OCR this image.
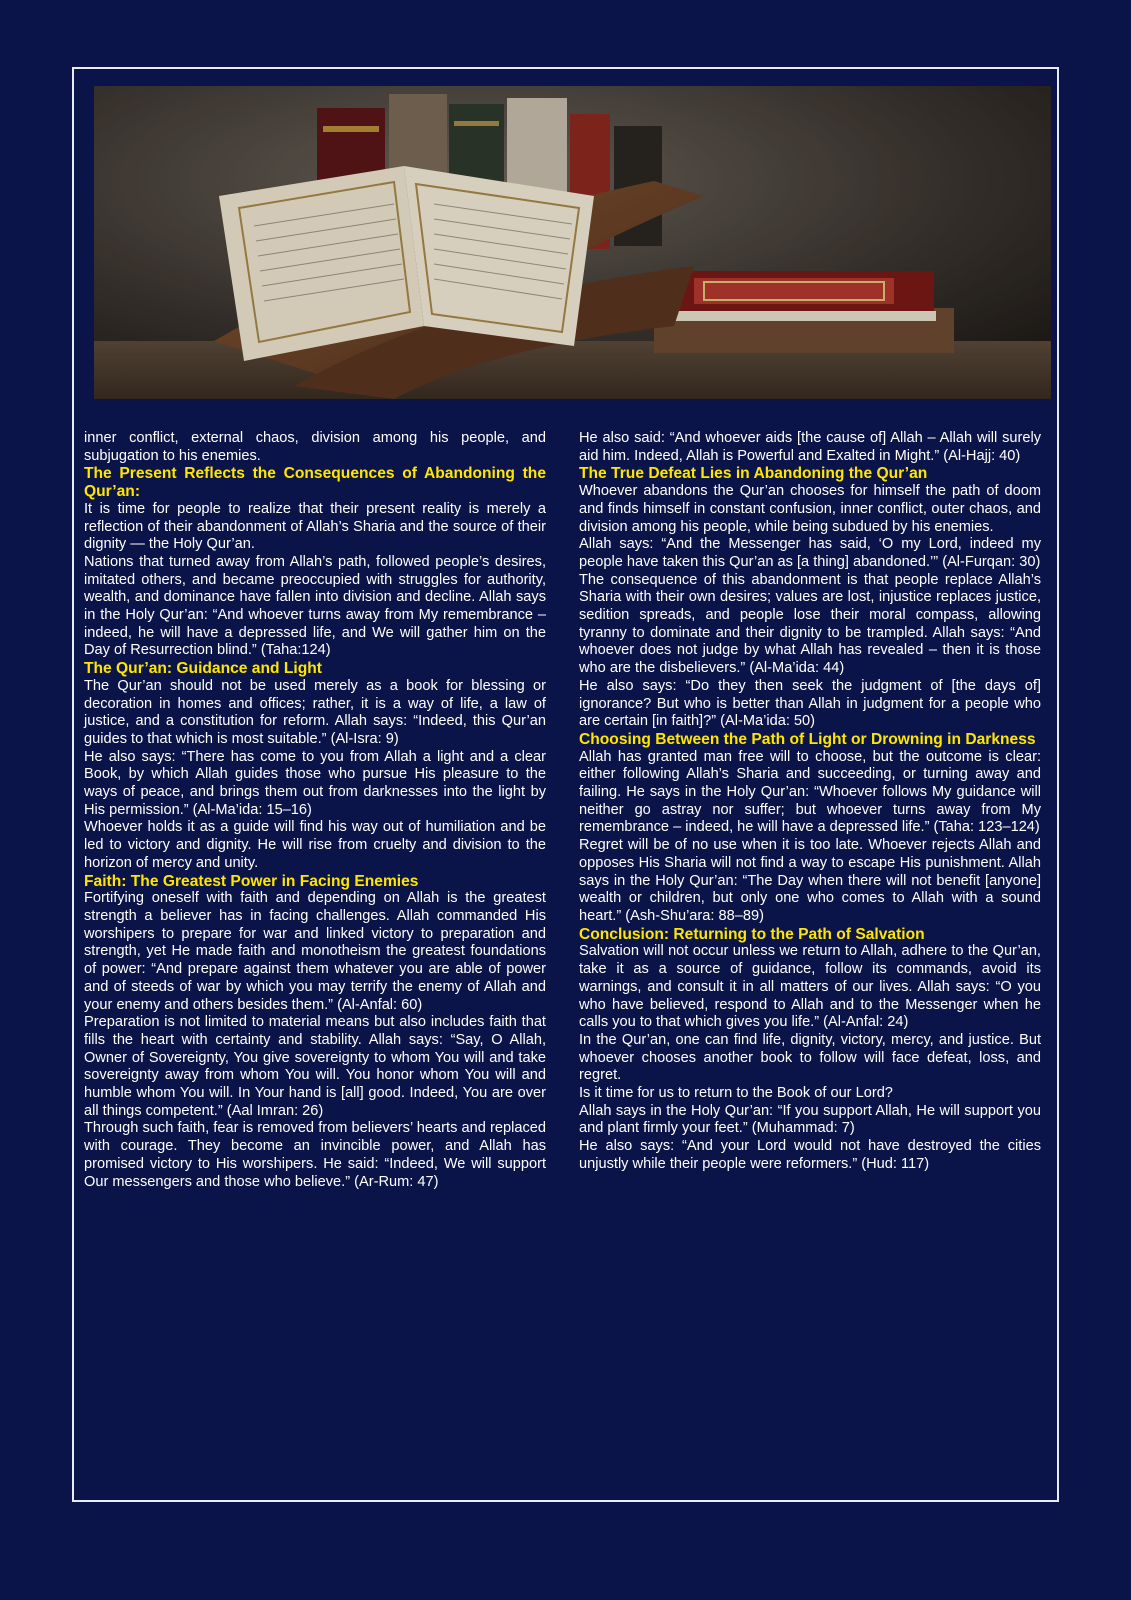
inner conflict, external chaos, division among his people, and subjugation to his enemies.

The Present Reflects the Consequences of Abandoning the Qur’an:

It is time for people to realize that their present reality is merely a reflection of their abandonment of Allah’s Sharia and the source of their dignity — the Holy Qur’an.

Nations that turned away from Allah’s path, followed people’s desires, imitated others, and became preoccupied with struggles for authority, wealth, and dominance have fallen into division and decline. Allah says in the Holy Qur’an: “And whoever turns away from My remembrance – indeed, he will have a depressed life, and We will gather him on the Day of Resurrection blind.” (Taha:124)

The Qur’an: Guidance and Light

The Qur’an should not be used merely as a book for blessing or decoration in homes and offices; rather, it is a way of life, a law of justice, and a constitution for reform. Allah says: “Indeed, this Qur’an guides to that which is most suitable.” (Al-Isra: 9)

He also says: “There has come to you from Allah a light and a clear Book, by which Allah guides those who pursue His pleasure to the ways of peace, and brings them out from darknesses into the light by His permission.” (Al-Ma’ida: 15–16)

Whoever holds it as a guide will find his way out of humiliation and be led to victory and dignity. He will rise from cruelty and division to the horizon of mercy and unity.

Faith: The Greatest Power in Facing Enemies

Fortifying oneself with faith and depending on Allah is the greatest strength a believer has in facing challenges. Allah commanded His worshipers to prepare for war and linked victory to preparation and strength, yet He made faith and monotheism the greatest foundations of power: “And prepare against them whatever you are able of power and of steeds of war by which you may terrify the enemy of Allah and your enemy and others besides them.” (Al-Anfal: 60)

Preparation is not limited to material means but also includes faith that fills the heart with certainty and stability. Allah says: “Say, O Allah, Owner of Sovereignty, You give sovereignty to whom You will and take sovereignty away from whom You will. You honor whom You will and humble whom You will. In Your hand is [all] good. Indeed, You are over all things competent.” (Aal Imran: 26)

Through such faith, fear is removed from believers’ hearts and replaced with courage. They become an invincible power, and Allah has promised victory to His worshipers. He said: “Indeed, We will support Our messengers and those who believe.” (Ar-Rum: 47)

He also said: “And whoever aids [the cause of] Allah – Allah will surely aid him. Indeed, Allah is Powerful and Exalted in Might.” (Al-Hajj: 40)

The True Defeat Lies in Abandoning the Qur’an

Whoever abandons the Qur’an chooses for himself the path of doom and finds himself in constant confusion, inner conflict, outer chaos, and division among his people, while being subdued by his enemies.

Allah says: “And the Messenger has said, ‘O my Lord, indeed my people have taken this Qur’an as [a thing] abandoned.’” (Al-Furqan: 30)

The consequence of this abandonment is that people replace Allah’s Sharia with their own desires; values are lost, injustice replaces justice, sedition spreads, and people lose their moral compass, allowing tyranny to dominate and their dignity to be trampled. Allah says: “And whoever does not judge by what Allah has revealed – then it is those who are the disbelievers.” (Al-Ma’ida: 44)

He also says: “Do they then seek the judgment of [the days of] ignorance? But who is better than Allah in judgment for a people who are certain [in faith]?” (Al-Ma’ida: 50)

Choosing Between the Path of Light or Drowning in Darkness

Allah has granted man free will to choose, but the outcome is clear: either following Allah’s Sharia and succeeding, or turning away and failing. He says in the Holy Qur’an: “Whoever follows My guidance will neither go astray nor suffer; but whoever turns away from My remembrance – indeed, he will have a depressed life.” (Taha: 123–124)

Regret will be of no use when it is too late. Whoever rejects Allah and opposes His Sharia will not find a way to escape His punishment. Allah says in the Holy Qur’an: “The Day when there will not benefit [anyone] wealth or children, but only one who comes to Allah with a sound heart.” (Ash-Shu’ara: 88–89)

Conclusion: Returning to the Path of Salvation

Salvation will not occur unless we return to Allah, adhere to the Qur’an, take it as a source of guidance, follow its commands, avoid its warnings, and consult it in all matters of our lives. Allah says: “O you who have believed, respond to Allah and to the Messenger when he calls you to that which gives you life.” (Al-Anfal: 24)

In the Qur’an, one can find life, dignity, victory, mercy, and justice. But whoever chooses another book to follow will face defeat, loss, and regret.

Is it time for us to return to the Book of our Lord?

Allah says in the Holy Qur’an: “If you support Allah, He will support you and plant firmly your feet.” (Muhammad: 7)

He also says: “And your Lord would not have destroyed the cities unjustly while their people were reformers.” (Hud: 117)
